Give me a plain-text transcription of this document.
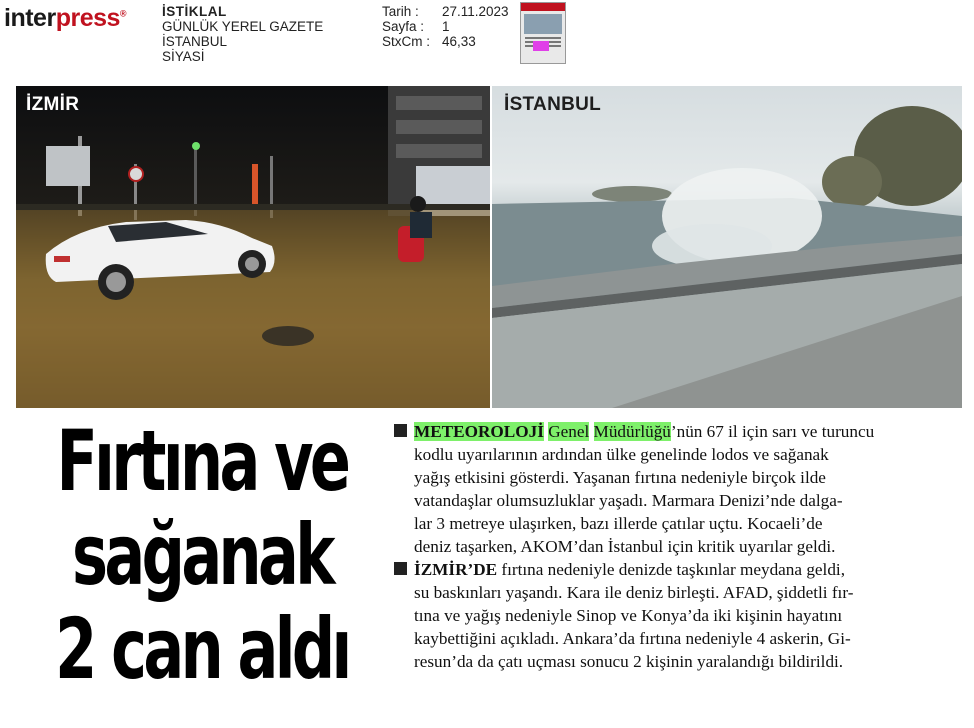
interpress®	İSTİKLAL
GÜNLÜK YEREL GAZETE
İSTANBUL
SİYASİ
Tarih :	27.11.2023
Sayfa :	1
StxCm : 46,33
İZMİR	İSTANBUL
Fırtına ve
sağanak
2 can aldı
METEOROLOJİ Genel Müdürlüğü’nün 67 il için sarı ve turuncu
kodlu uyarılarının ardından ülke genelinde lodos ve sağanak
yağış etkisini gösterdi. Yaşanan fırtına nedeniyle birçok ilde
vatandaşlar olumsuzluklar yaşadı. Marmara Denizi’nde dalga-
lar 3 metreye ulaşırken, bazı illerde çatılar uçtu. Kocaeli’de
deniz taşarken, AKOM’dan İstanbul için kritik uyarılar geldi.
İZMİR’DE fırtına nedeniyle denizde taşkınlar meydana geldi,
su baskınları yaşandı. Kara ile deniz birleşti. AFAD, şiddetli fır-
tına ve yağış nedeniyle Sinop ve Konya’da iki kişinin hayatını
kaybettiğini açıkladı. Ankara’da fırtına nedeniyle 4 askerin, Gi-
resun’da da çatı uçması sonucu 2 kişinin yaralandığı bildirildi.
